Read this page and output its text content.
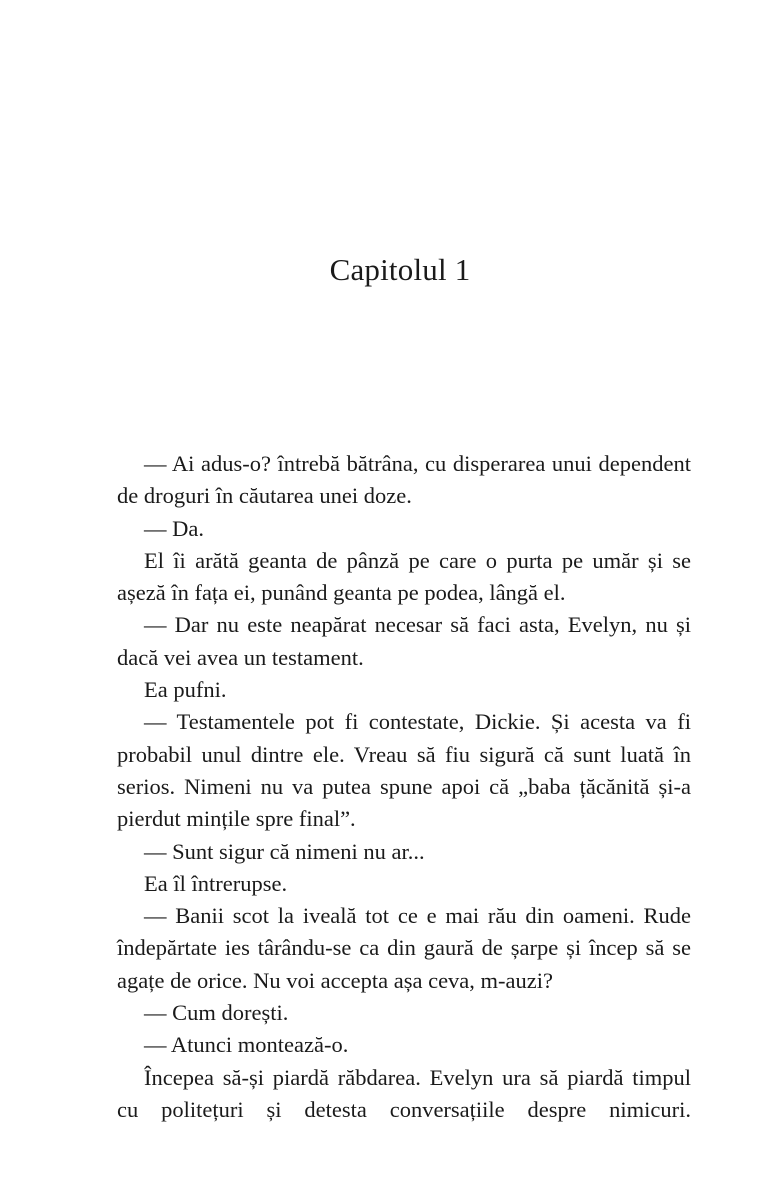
Capitolul 1

— Ai adus-o? întrebă bătrâna, cu disperarea unui dependent de droguri în căutarea unei doze.

— Da.

El îi arătă geanta de pânză pe care o purta pe umăr și se așeză în fața ei, punând geanta pe podea, lângă el.

— Dar nu este neapărat necesar să faci asta, Evelyn, nu și dacă vei avea un testament.

Ea pufni.

— Testamentele pot fi contestate, Dickie. Și acesta va fi probabil unul dintre ele. Vreau să fiu sigură că sunt luată în serios. Nimeni nu va putea spune apoi că „baba țăcănită și-a pierdut mințile spre final”.

— Sunt sigur că nimeni nu ar...

Ea îl întrerupse.

— Banii scot la iveală tot ce e mai rău din oameni. Rude îndepărtate ies târându-se ca din gaură de șarpe și încep să se agațe de orice. Nu voi accepta așa ceva, m-auzi?

— Cum dorești.

— Atunci montează-o.

Începea să-și piardă răbdarea. Evelyn ura să piardă timpul cu politețuri și detesta conversațiile despre nimicuri.
